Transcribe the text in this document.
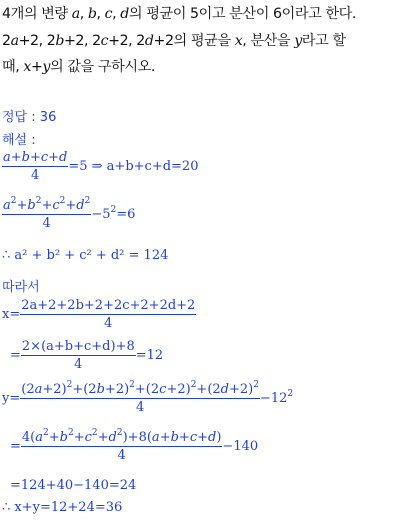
4개의 변량 a, b, c, d의 평균이 5이고 분산이 6이라고 한다.
2a+2, 2b+2, 2c+2, 2d+2의 평균을 x, 분산을 y라고 할
때, x+y의 값을 구하시오.
정답 : 36
해설 :
$\frac{a+b+c+d}{4} =5$ ⇒ a+b+c+d=20
$\frac{a^2+b^2+c^2+d^2}{4} -5^2=6$
∴ a² + b² + c² + d² = 124
따라서
$x= \frac{2a+2+2b+2+2c+2+2d+2}{4}$
= $\frac{2\times(a+b+c+d)+8}{4} =12$
$y= \frac{(2a+2)^2+(2b+2)^2+(2c+2)^2+(2d+2)^2}{4} -12^2$
= $\frac{4(a^2+b^2+c^2+d^2)+8(a+b+c+d)}{4} -140$
=124+40−140=24
∴ x+y=12+24=36
